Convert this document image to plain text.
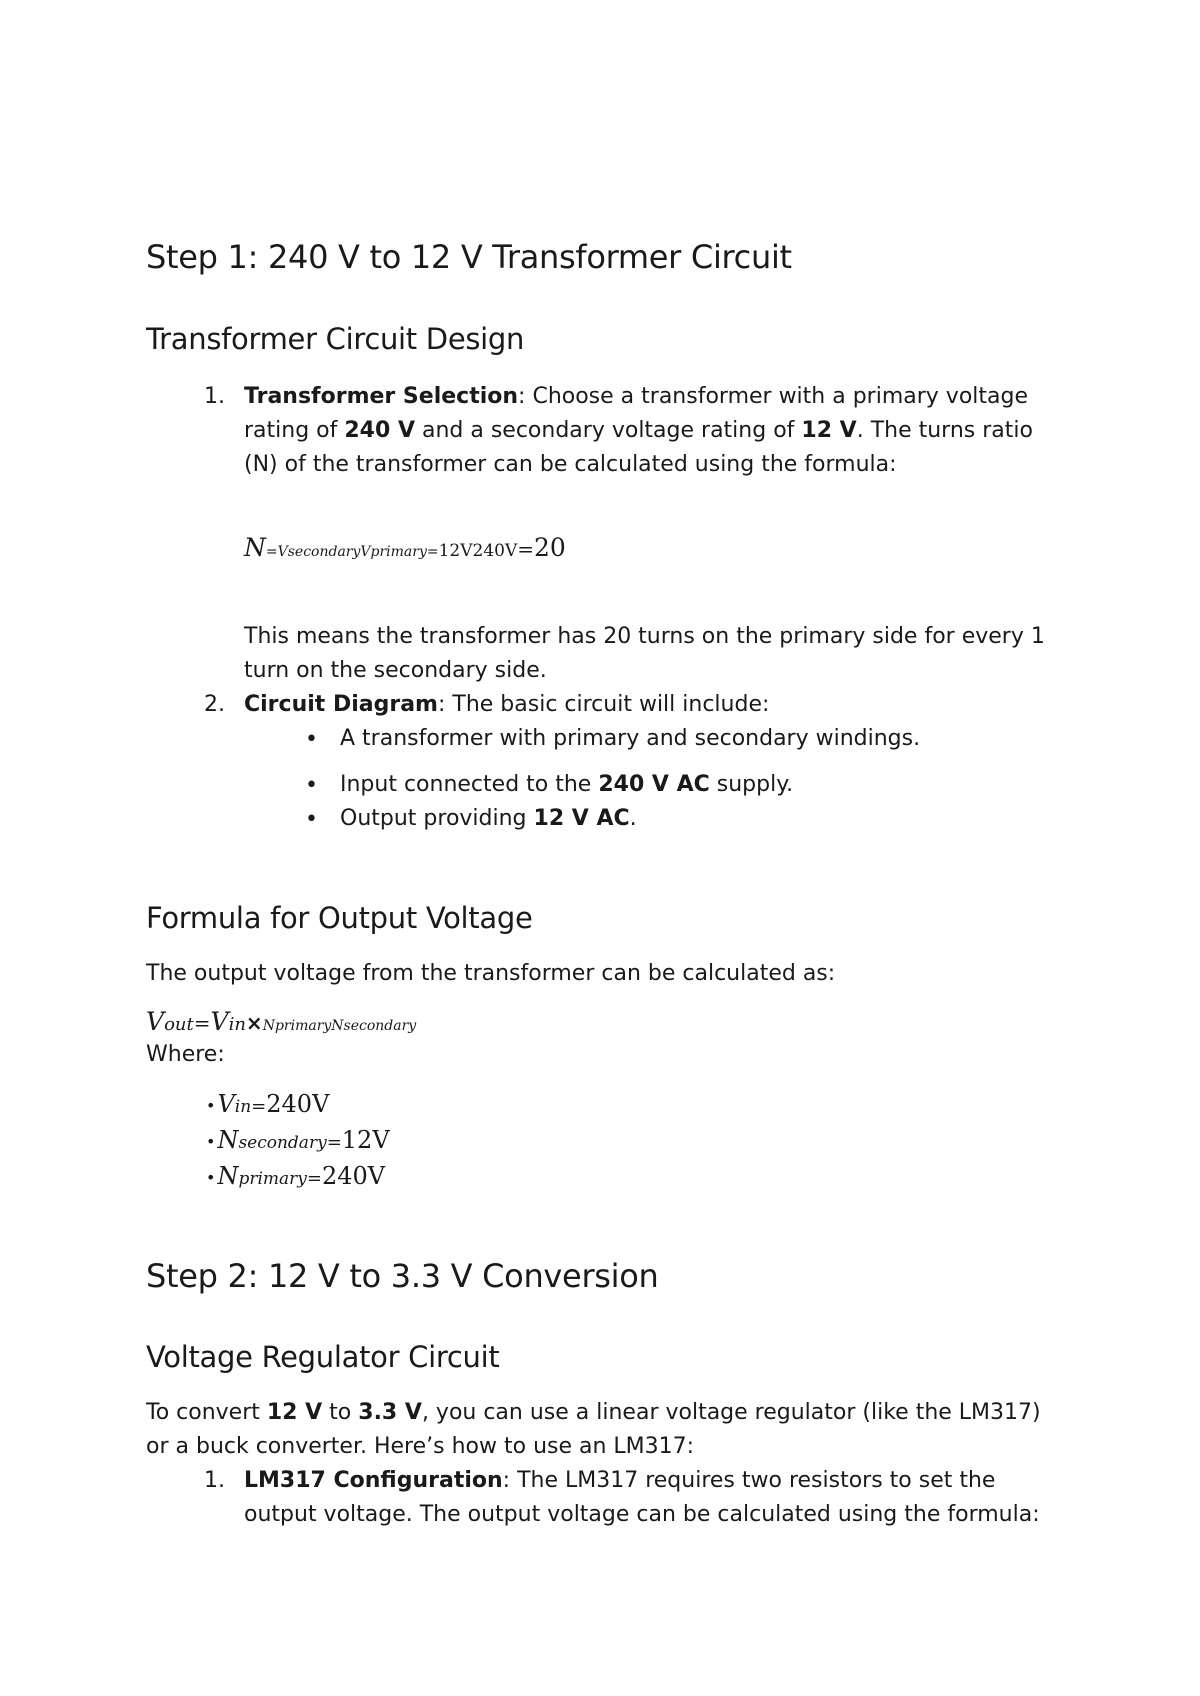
Step 1: 240 V to 12 V Transformer Circuit
Transformer Circuit Design
1. Transformer Selection: Choose a transformer with a primary voltage
rating of 240 V and a secondary voltage rating of 12 V. The turns ratio
(N) of the transformer can be calculated using the formula:
N=VsecondaryVprimary=12V240V=20
This means the transformer has 20 turns on the primary side for every 1
turn on the secondary side.
2. Circuit Diagram: The basic circuit will include:
• A transformer with primary and secondary windings.
• Input connected to the 240 V AC supply.
• Output providing 12 V AC.
Formula for Output Voltage

The output voltage from the transformer can be calculated as:

Vout=Vin×NprimaryNsecondary

Where:

•Vin=240V
•Nsecondary=12V
•Nprimary=240V
Step 2: 12 V to 3.3 V Conversion
Voltage Regulator Circuit
To convert 12 V to 3.3 V, you can use a linear voltage regulator (like the LM317)
or a buck converter. Here’s how to use an LM317:
1. LM317 Configuration: The LM317 requires two resistors to set the
output voltage. The output voltage can be calculated using the formula:
